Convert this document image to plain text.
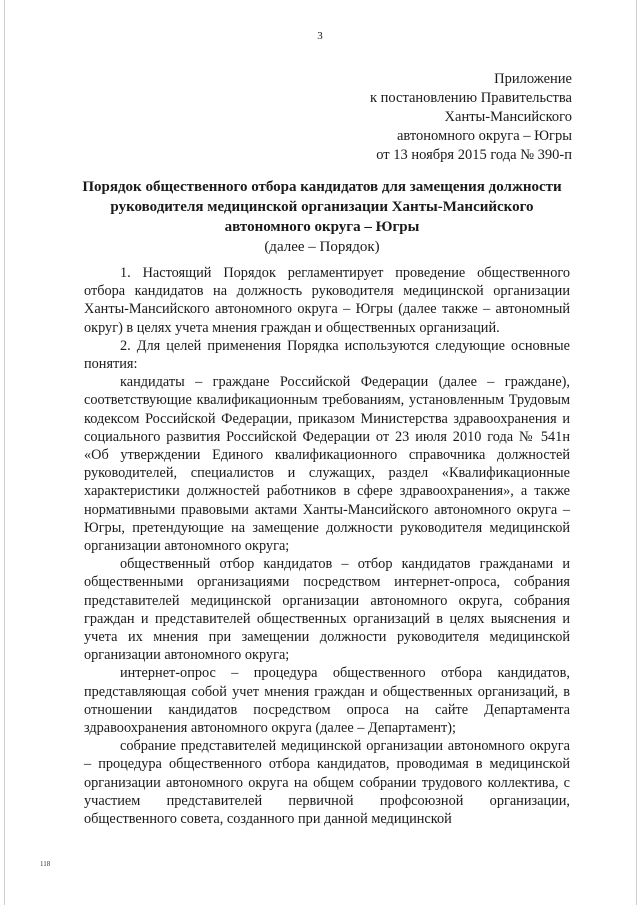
3
Приложение
к постановлению Правительства
Ханты-Мансийского
автономного округа – Югры
от 13 ноября 2015 года № 390-п
Порядок общественного отбора кандидатов для замещения должности
руководителя медицинской организации Ханты-Мансийского
автономного округа – Югры
(далее – Порядок)

1. Настоящий Порядок регламентирует проведение общественного отбора кандидатов на должность руководителя медицинской организации Ханты-Мансийского автономного округа – Югры (далее также – автономный округ) в целях учета мнения граждан и общественных организаций.

2. Для целей применения Порядка используются следующие основные понятия:

кандидаты – граждане Российской Федерации (далее – граждане), соответствующие квалификационным требованиям, установленным Трудовым кодексом Российской Федерации, приказом Министерства здравоохранения и социального развития Российской Федерации от 23 июля 2010 года № 541н «Об утверждении Единого квалификационного справочника должностей руководителей, специалистов и служащих, раздел «Квалификационные характеристики должностей работников в сфере здравоохранения», а также нормативными правовыми актами Ханты-Мансийского автономного округа – Югры, претендующие на замещение должности руководителя медицинской организации автономного округа;

общественный отбор кандидатов – отбор кандидатов гражданами и общественными организациями посредством интернет-опроса, собрания представителей медицинской организации автономного округа, собрания граждан и представителей общественных организаций в целях выяснения и учета их мнения при замещении должности руководителя медицинской организации автономного округа;

интернет-опрос – процедура общественного отбора кандидатов, представляющая собой учет мнения граждан и общественных организаций, в отношении кандидатов посредством опроса на сайте Департамента здравоохранения автономного округа (далее – Департамент);

собрание представителей медицинской организации автономного округа – процедура общественного отбора кандидатов, проводимая в медицинской организации автономного округа на общем собрании трудового коллектива, с участием представителей первичной профсоюзной организации, общественного совета, созданного при данной медицинской

118
